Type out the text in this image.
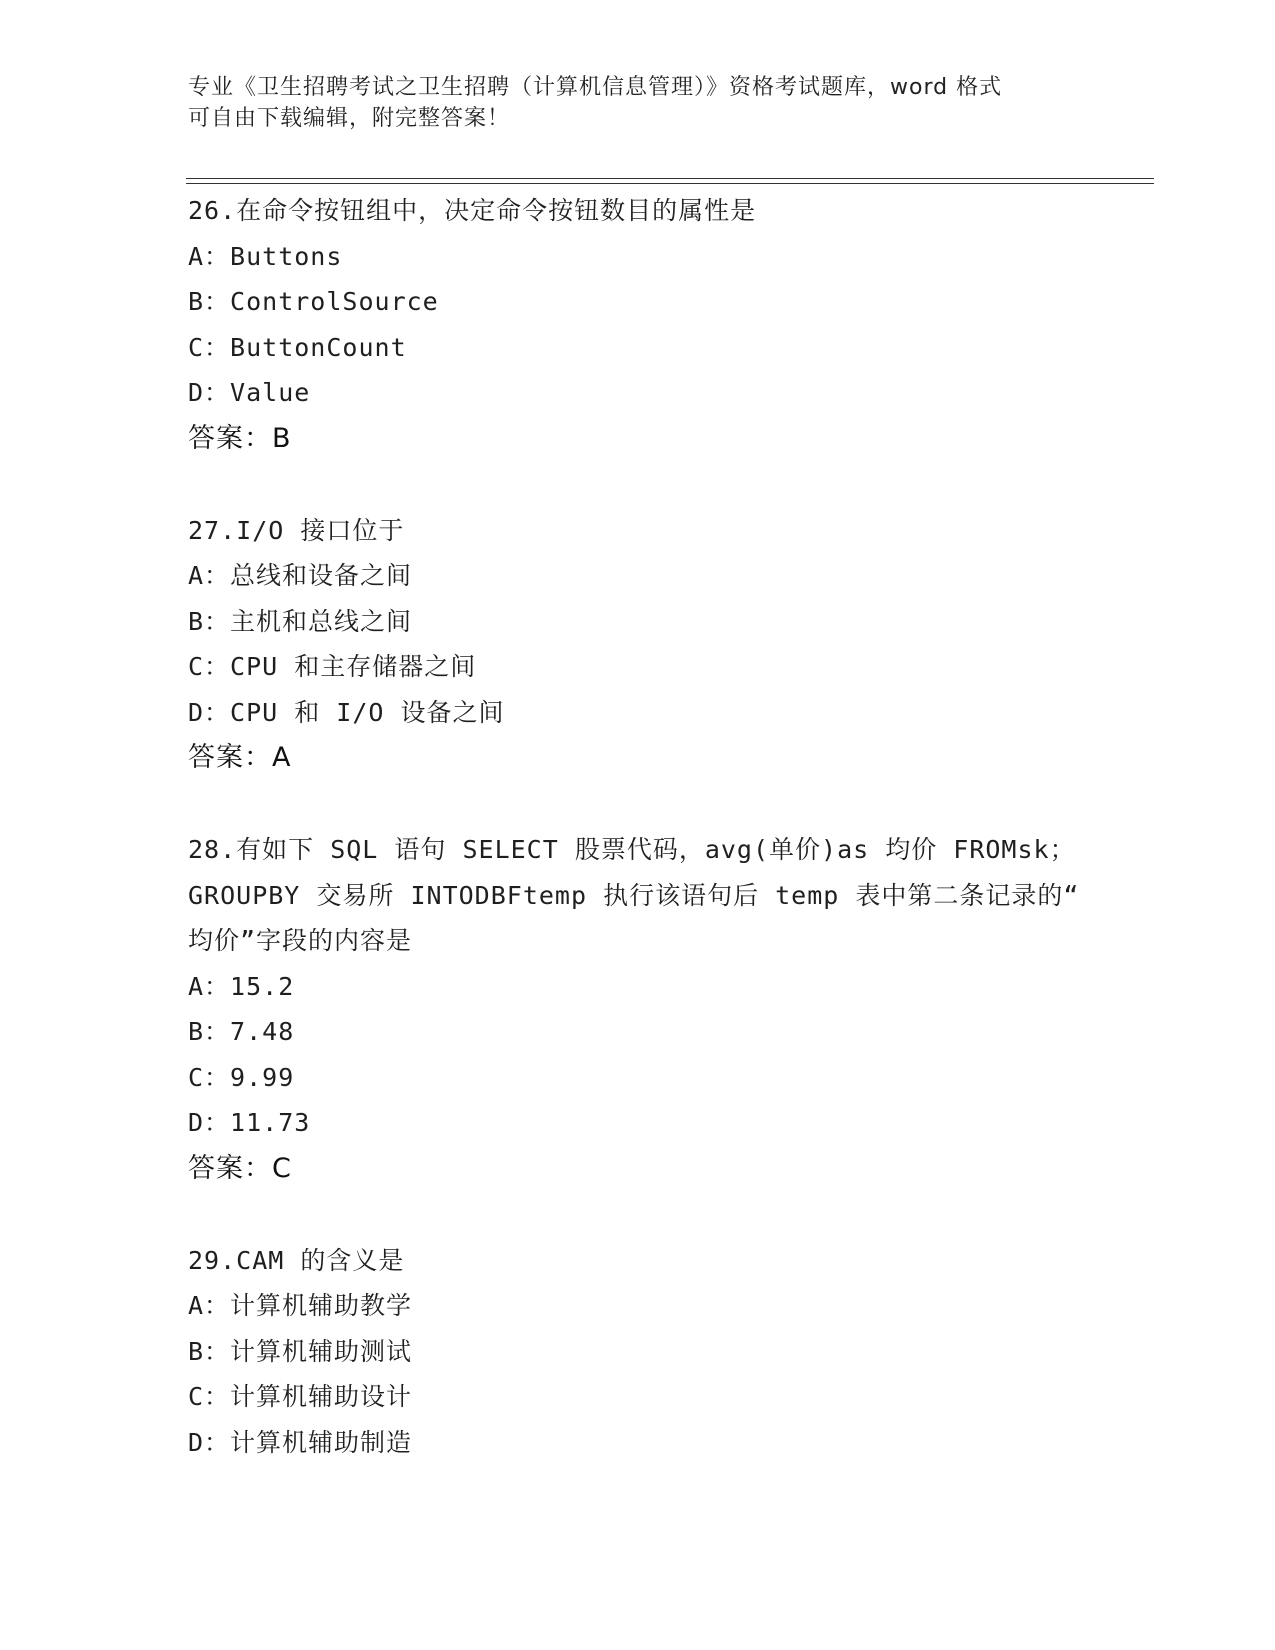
专业《卫生招聘考试之卫生招聘（计算机信息管理）》资格考试题库，word 格式
可自由下载编辑，附完整答案！
26.在命令按钮组中，决定命令按钮数目的属性是
A：Buttons
B：ControlSource
C：ButtonCount
D：Value
答案：B
27.I/O 接口位于
A：总线和设备之间
B：主机和总线之间
C：CPU 和主存储器之间
D：CPU 和 I/O 设备之间
答案：A
28.有如下 SQL 语句 SELECT 股票代码，avg(单价)as 均价 FROMsk；
GROUPBY 交易所 INTODBFtemp 执行该语句后 temp 表中第二条记录的“
均价”字段的内容是
A：15.2
B：7.48
C：9.99
D：11.73
答案：C
29.CAM 的含义是
A：计算机辅助教学
B：计算机辅助测试
C：计算机辅助设计
D：计算机辅助制造
